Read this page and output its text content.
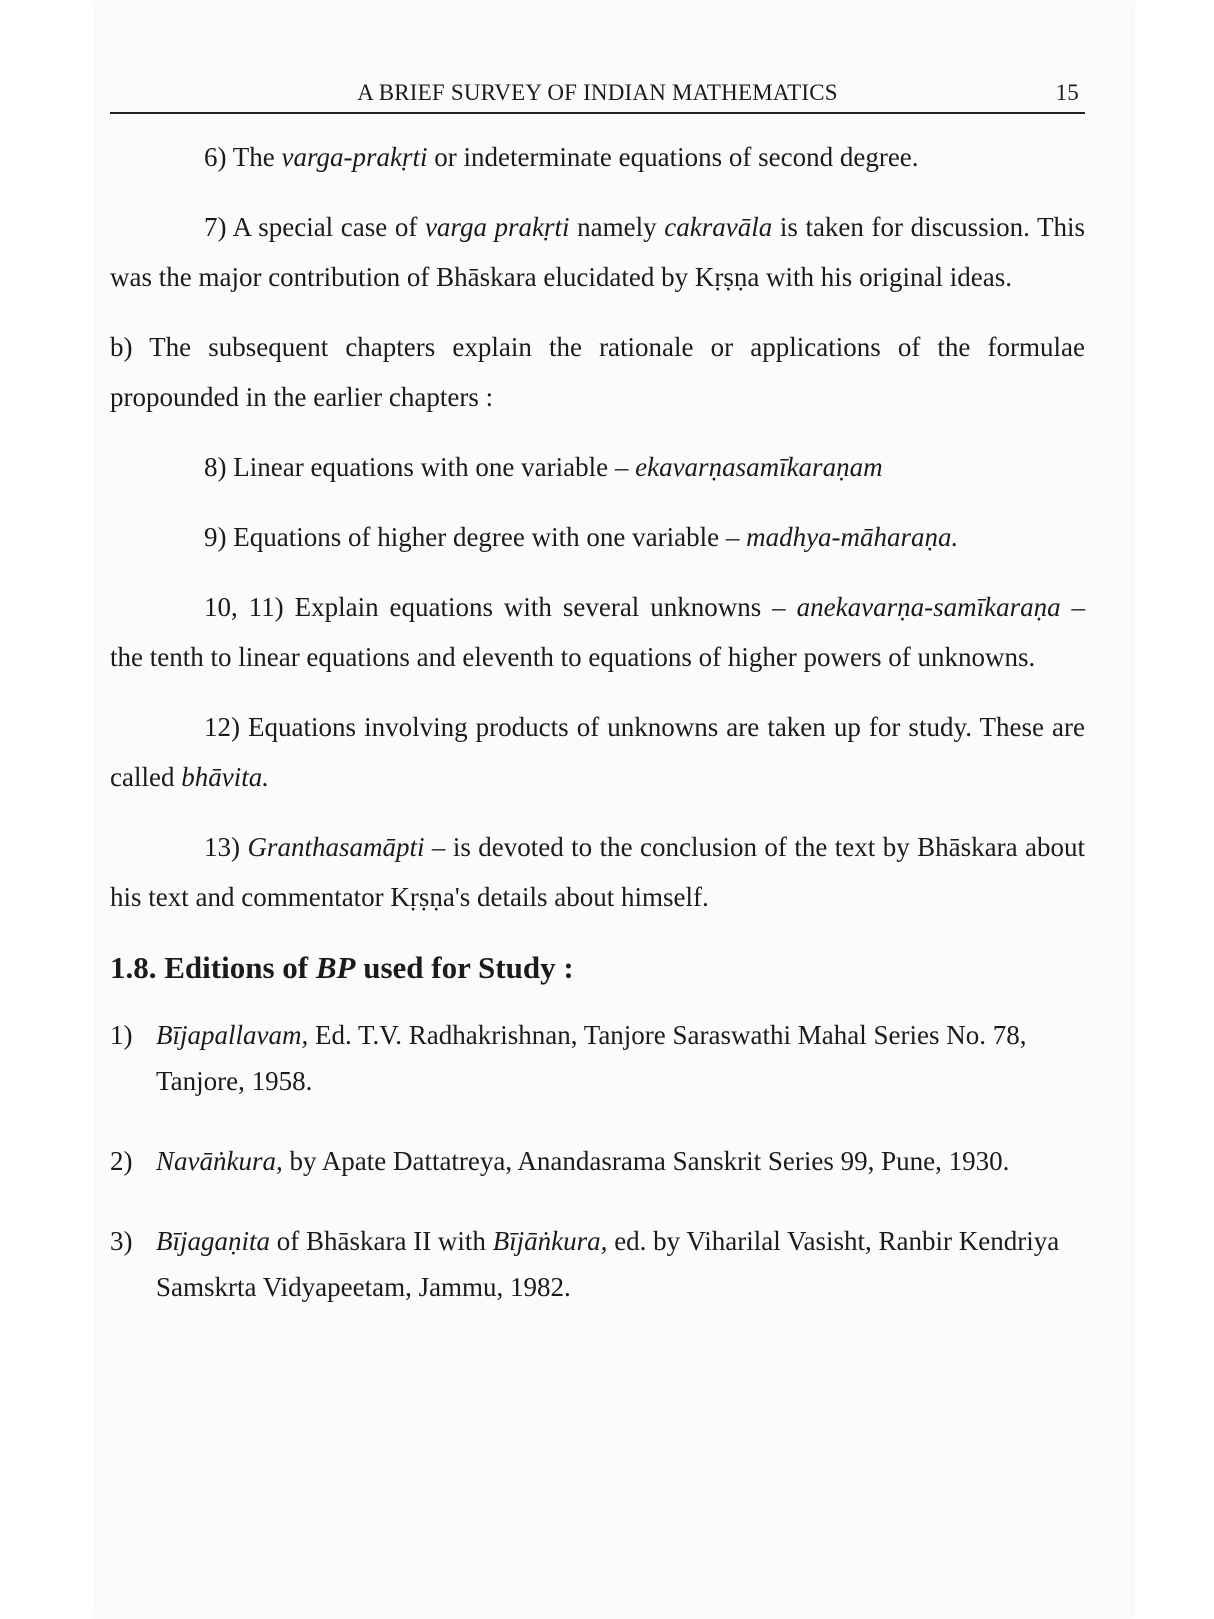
A BRIEF SURVEY OF INDIAN MATHEMATICS	15

6) The varga-prakṛti or indeterminate equations of second degree.

7) A special case of varga prakṛti namely cakravāla is taken for discussion. This was the major contribution of Bhāskara elucidated by Kṛṣṇa with his original ideas.

b) The subsequent chapters explain the rationale or applications of the formulae propounded in the earlier chapters :

8) Linear equations with one variable – ekavarṇasamīkaraṇam

9) Equations of higher degree with one variable – madhya-māharaṇa.

10, 11) Explain equations with several unknowns – anekavarṇa-samīkaraṇa – the tenth to linear equations and eleventh to equations of higher powers of unknowns.

12) Equations involving products of unknowns are taken up for study. These are called bhāvita.

13) Granthasamāpti – is devoted to the conclusion of the text by Bhāskara about his text and commentator Kṛṣṇa's details about himself.

1.8. Editions of BP used for Study :
1) Bījapallavam, Ed. T.V. Radhakrishnan, Tanjore Saraswathi Mahal Series No. 78, Tanjore, 1958.
2) Navāṅkura, by Apate Dattatreya, Anandasrama Sanskrit Series 99, Pune, 1930.
3) Bījagaṇita of Bhāskara II with Bījāṅkura, ed. by Viharilal Vasisht, Ranbir Kendriya Samskrta Vidyapeetam, Jammu, 1982.
